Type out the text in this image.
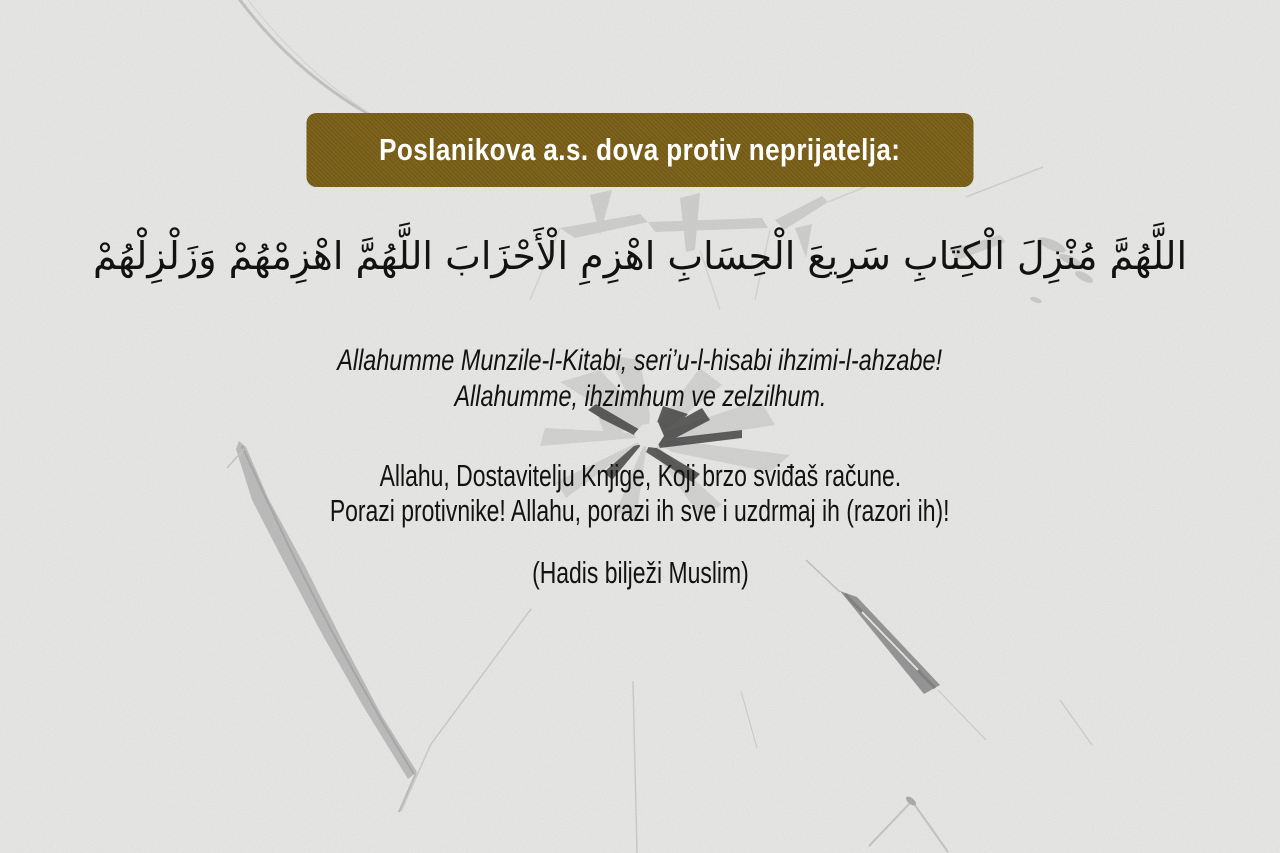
Poslanikova a.s. dova protiv neprijatelja:
اللَّهُمَّ مُنْزِلَ الْكِتَابِ سَرِيعَ الْحِسَابِ اهْزِمِ الْأَحْزَابَ اللَّهُمَّ اهْزِمْهُمْ وَزَلْزِلْهُمْ
Allahumme Munzile-l-Kitabi, seri’u-l-hisabi ihzimi-l-ahzabe!
Allahumme, ihzimhum ve zelzilhum.
Allahu, Dostavitelju Knjige, Koji brzo sviđaš račune.
Porazi protivnike! Allahu, porazi ih sve i uzdrmaj ih (razori ih)!
(Hadis bilježi Muslim)
